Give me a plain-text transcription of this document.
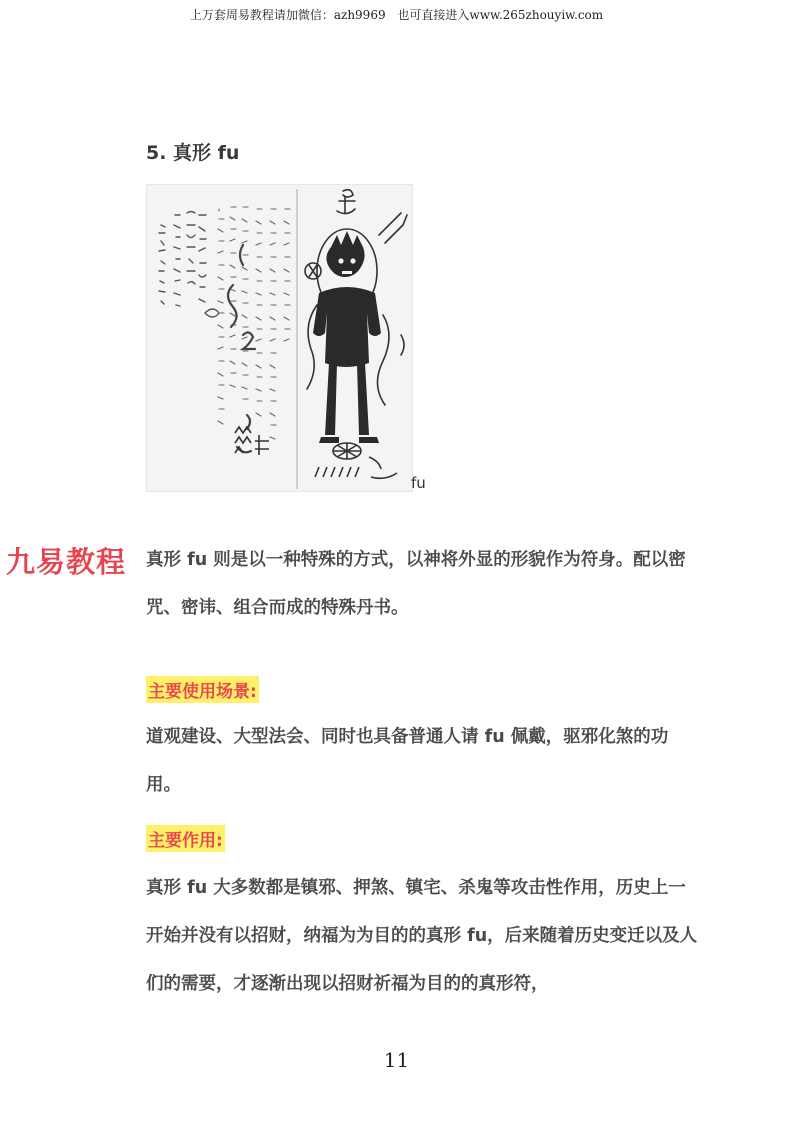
上万套周易教程请加微信：azh9969 也可直接进入www.265zhouyiw.com
5. 真形 fu
fu
九易教程 真形 fu 则是以一种特殊的方式，以神将外显的形貌作为符身。配以密咒、密讳、组合而成的特殊丹书。
主要使用场景:
道观建设、大型法会、同时也具备普通人请 fu 佩戴，驱邪化煞的功用。
主要作用:
真形 fu 大多数都是镇邪、押煞、镇宅、杀鬼等攻击性作用，历史上一开始并没有以招财，纳福为为目的的真形 fu，后来随着历史变迁以及人们的需要，才逐渐出现以招财祈福为目的的真形符，
11
